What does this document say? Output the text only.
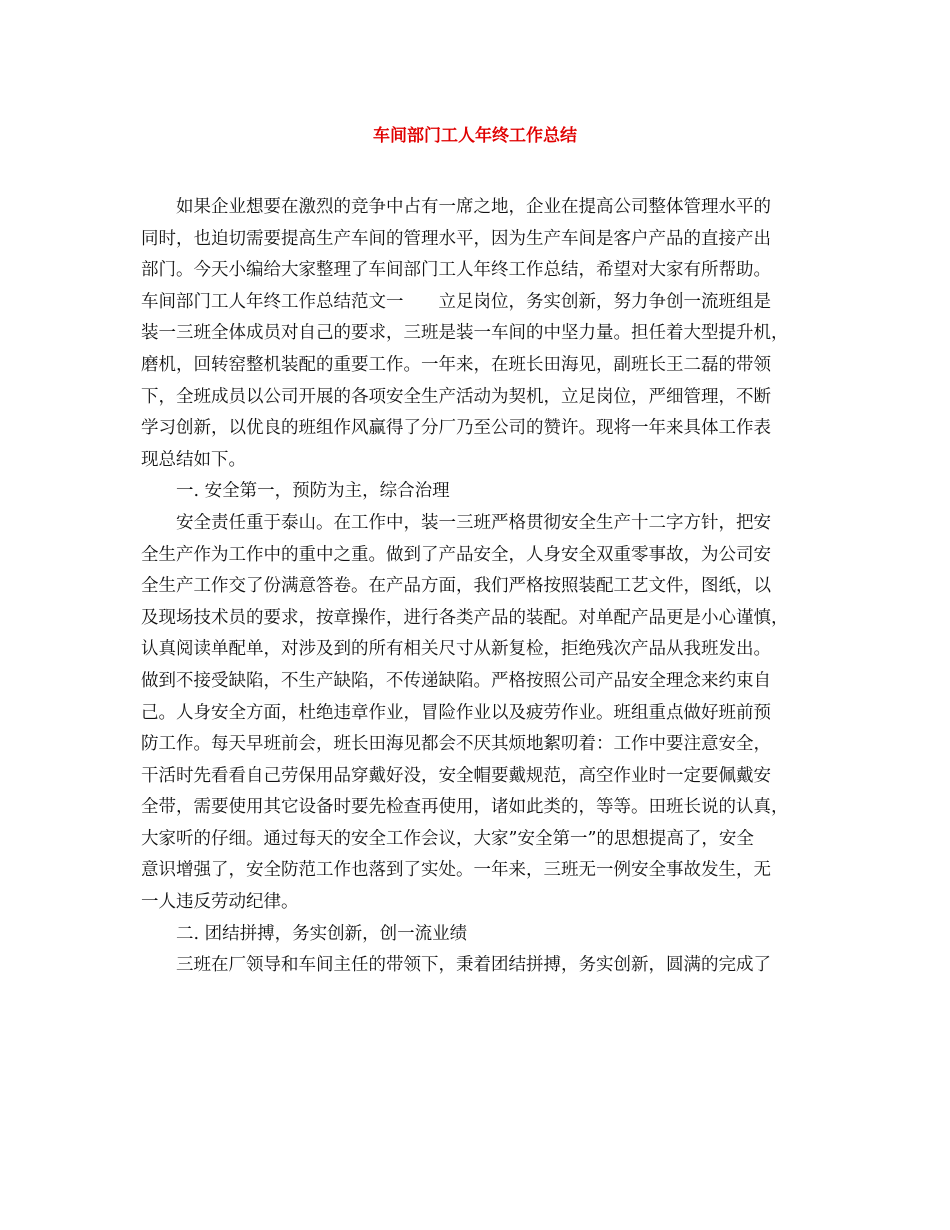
车间部门工人年终工作总结
如果企业想要在激烈的竞争中占有一席之地，企业在提高公司整体管理水平的
同时，也迫切需要提高生产车间的管理水平，因为生产车间是客户产品的直接产出
部门。今天小编给大家整理了车间部门工人年终工作总结，希望对大家有所帮助。
车间部门工人年终工作总结范文一　　立足岗位，务实创新，努力争创一流班组是
装一三班全体成员对自己的要求，三班是装一车间的中坚力量。担任着大型提升机，
磨机，回转窑整机装配的重要工作。一年来，在班长田海见，副班长王二磊的带领
下，全班成员以公司开展的各项安全生产活动为契机，立足岗位，严细管理，不断
学习创新，以优良的班组作风赢得了分厂乃至公司的赞许。现将一年来具体工作表
现总结如下。
一. 安全第一，预防为主，综合治理
安全责任重于泰山。在工作中，装一三班严格贯彻安全生产十二字方针，把安
全生产作为工作中的重中之重。做到了产品安全，人身安全双重零事故，为公司安
全生产工作交了份满意答卷。在产品方面，我们严格按照装配工艺文件，图纸，以
及现场技术员的要求，按章操作，进行各类产品的装配。对单配产品更是小心谨慎，
认真阅读单配单，对涉及到的所有相关尺寸从新复检，拒绝残次产品从我班发出。
做到不接受缺陷，不生产缺陷，不传递缺陷。严格按照公司产品安全理念来约束自
己。人身安全方面，杜绝违章作业，冒险作业以及疲劳作业。班组重点做好班前预
防工作。每天早班前会，班长田海见都会不厌其烦地絮叨着：工作中要注意安全，
干活时先看看自己劳保用品穿戴好没，安全帽要戴规范，高空作业时一定要佩戴安
全带，需要使用其它设备时要先检查再使用，诸如此类的，等等。田班长说的认真，
大家听的仔细。通过每天的安全工作会议，大家”安全第一”的思想提高了，安全
意识增强了，安全防范工作也落到了实处。一年来，三班无一例安全事故发生，无
一人违反劳动纪律。
二. 团结拼搏，务实创新，创一流业绩
三班在厂领导和车间主任的带领下，秉着团结拼搏，务实创新，圆满的完成了
